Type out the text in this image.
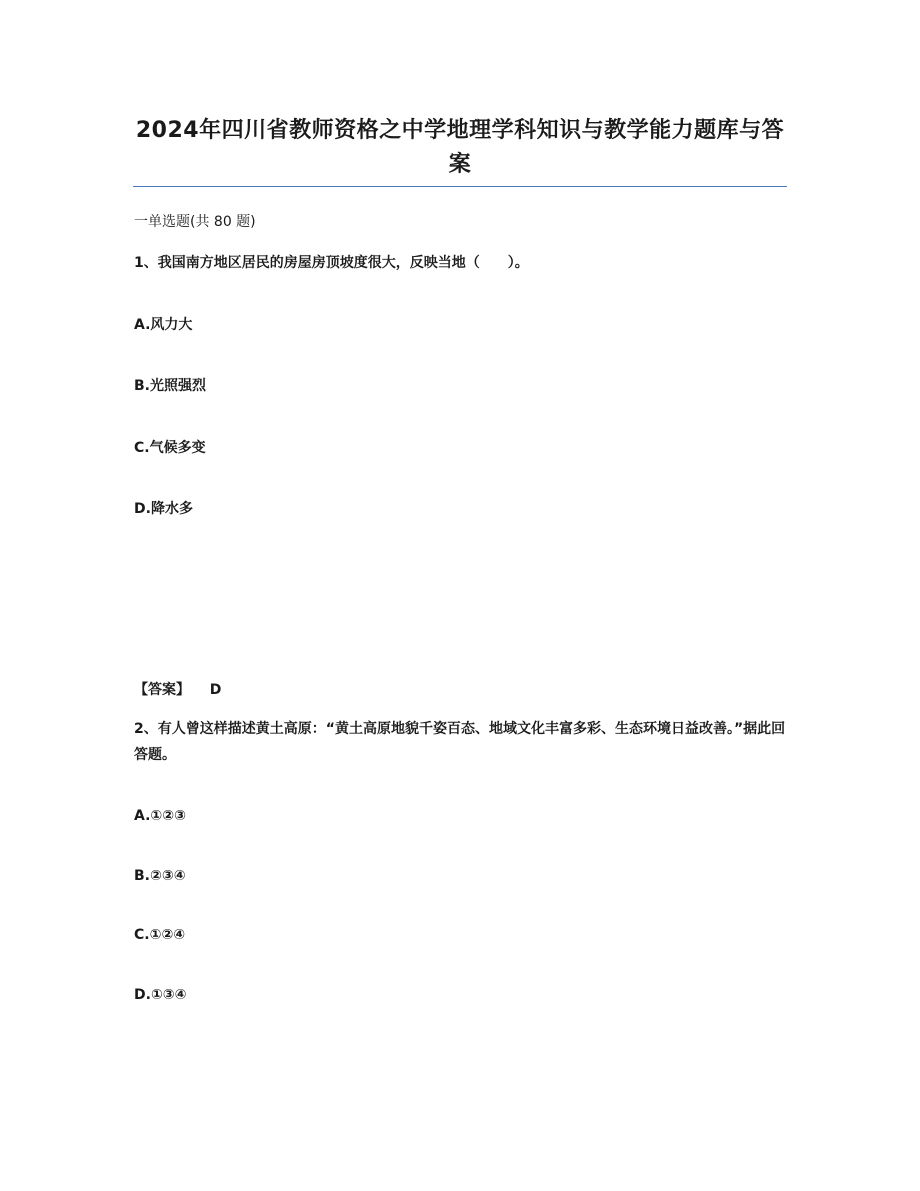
2024年四川省教师资格之中学地理学科知识与教学能力题库与答案
一单选题(共 80 题)
1、我国南方地区居民的房屋房顶坡度很大，反映当地（　　）。
A.风力大
B.光照强烈
C.气候多变
D.降水多
【答案】 D
2、有人曾这样描述黄土高原：“黄土高原地貌千姿百态、地域文化丰富多彩、生态环境日益改善。”据此回答题。
A.①②③
B.②③④
C.①②④
D.①③④
